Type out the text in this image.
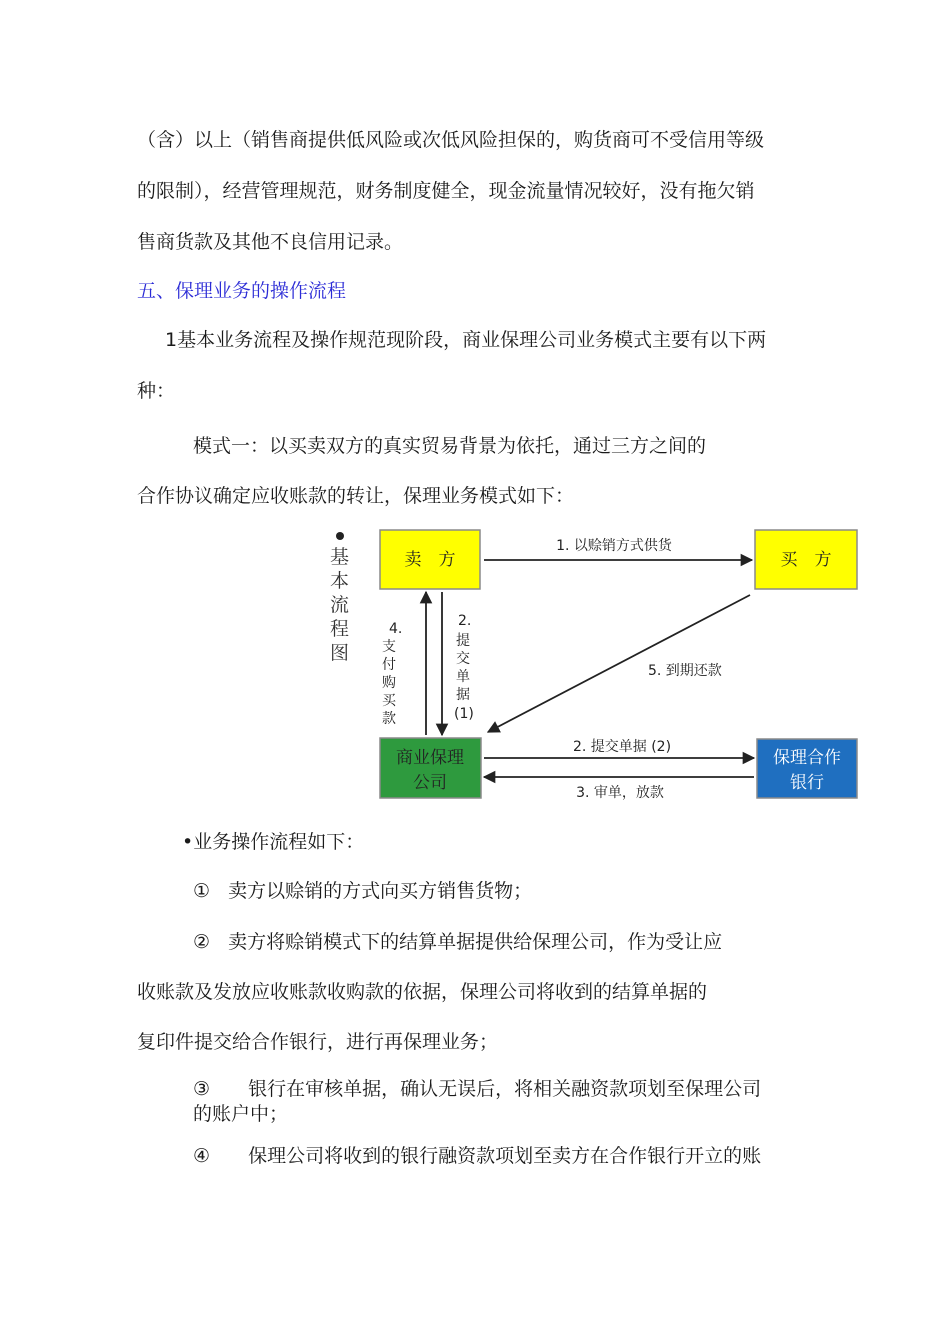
（含）以上（销售商提供低风险或次低风险担保的，购货商可不受信用等级
的限制），经营管理规范，财务制度健全，现金流量情况较好，没有拖欠销
售商货款及其他不良信用记录。
五、保理业务的操作流程
1基本业务流程及操作规范现阶段，商业保理公司业务模式主要有以下两
种：
模式一：以买卖双方的真实贸易背景为依托，通过三方之间的
合作协议确定应收账款的转让，保理业务模式如下：
基
本
流
程
图
卖　方	买　方
商业保理
公司
保理合作
银行
1. 以赊销方式供货
4.
支
付
购
买
款
2.
提
交
单
据
(1)
5. 到期还款
2. 提交单据 (2)
3. 审单，放款
•业务操作流程如下：
① 卖方以赊销的方式向买方销售货物；
② 卖方将赊销模式下的结算单据提供给保理公司，作为受让应
收账款及发放应收账款收购款的依据，保理公司将收到的结算单据的
复印件提交给合作银行，进行再保理业务；
③ 银行在审核单据，确认无误后，将相关融资款项划至保理公司
的账户中；
④ 保理公司将收到的银行融资款项划至卖方在合作银行开立的账
